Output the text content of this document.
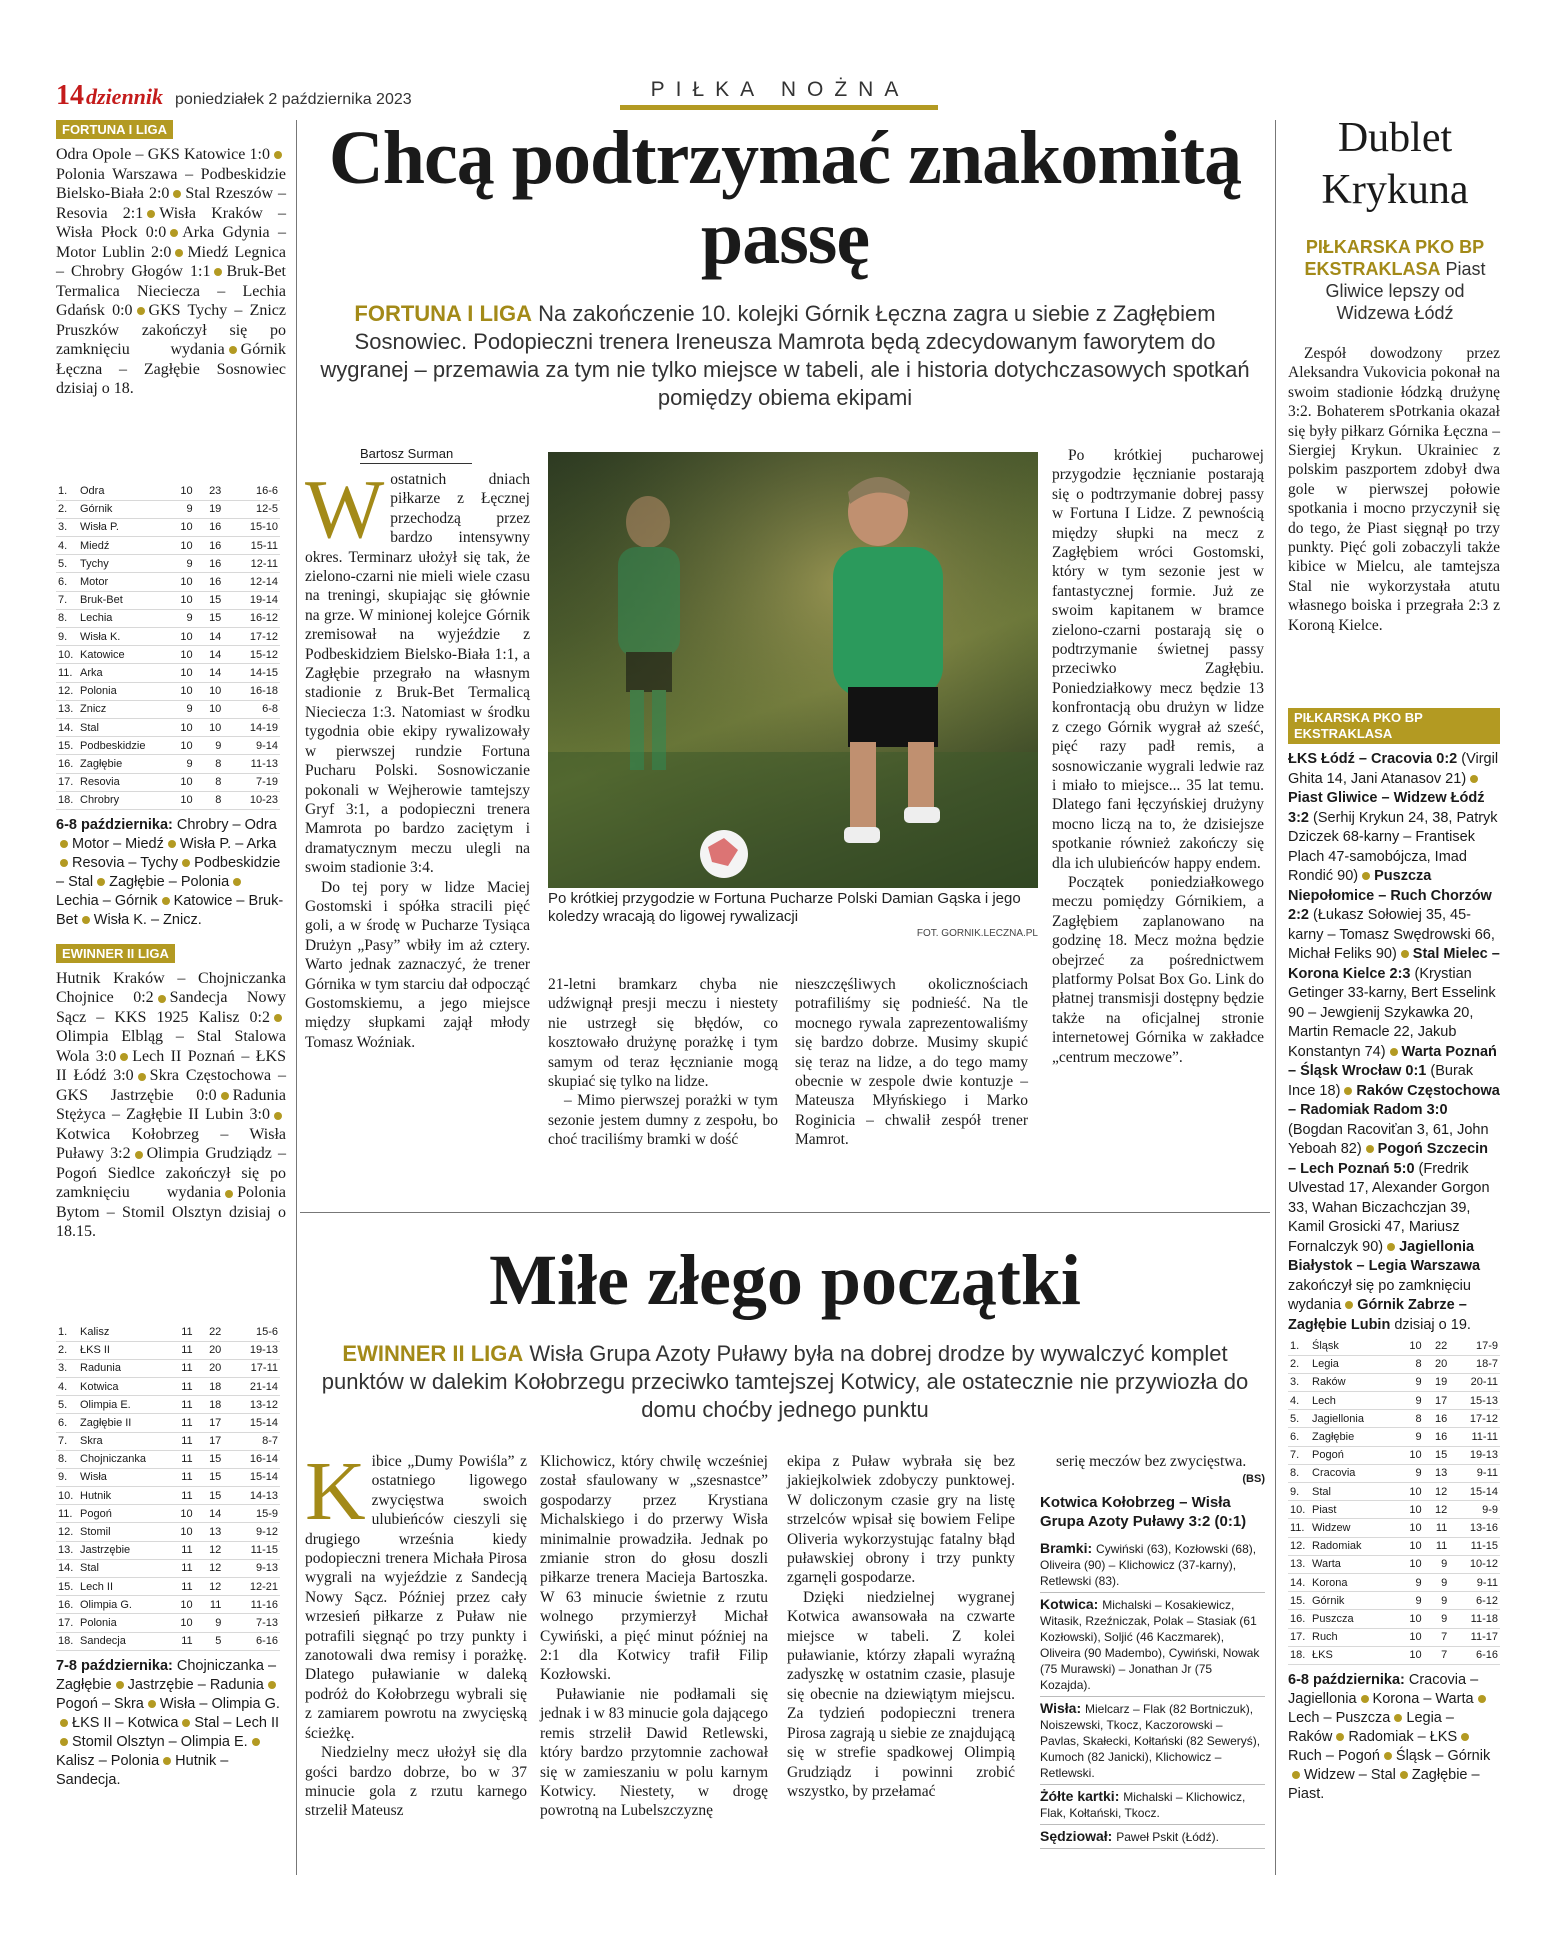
14 dziennik poniedziałek 2 października 2023	PIŁKA NOŻNA
FORTUNA I LIGA
Odra Opole – GKS Katowice 1:0Polonia Warszawa – Podbeskidzie Bielsko-Biała 2:0 Stal Rzeszów – Resovia 2:1 Wisła Kraków – Wisła Płock 0:0 Arka Gdynia – Motor Lublin 2:0 Miedź Legnica – Chrobry Głogów 1:1 Bruk-Bet Termalica Nieciecza – Lechia Gdańsk 0:0 GKS Tychy – Znicz Pruszków zakończył się po zamknięciu wydania Górnik Łęczna – Zagłębie Sosnowiec dzisiaj o 18.
1.	Odra	10	23	16-6
2.	Górnik	9	19	12-5
3.	Wisła P.	10	16	15-10
4.	Miedź	10	16	15-11
5.	Tychy	9	16	12-11
6.	Motor	10	16	12-14
7.	Bruk-Bet	10	15	19-14
8.	Lechia	9	15	16-12
9.	Wisła K.	10	14	17-12
10.	Katowice	10	14	15-12
11.	Arka	10	14	14-15
12.	Polonia	10	10	16-18
13.	Znicz	9	10	6-8
14.	Stal	10	10	14-19
15.	Podbeskidzie	10	9	9-14
16.	Zagłębie	9	8	11-13
17.	Resovia	10	8	7-19
18.	Chrobry	10	8	10-23
6-8 października: Chrobry – OdraMotor – Miedź Wisła P. – ArkaResovia – Tychy Podbeskidzie – Stal Zagłębie – PoloniaLechia – Górnik Katowice – Bruk-Bet Wisła K. – Znicz.
EWINNER II LIGA
Hutnik Kraków – Chojniczanka Chojnice 0:2 Sandecja Nowy Sącz – KKS 1925 Kalisz 0:2Olimpia Elbląg – Stal Stalowa Wola 3:0 Lech II Poznań – ŁKS II Łódź 3:0 Skra Częstochowa – GKS Jastrzębie 0:0 Radunia Stężyca – Zagłębie II Lubin 3:0Kotwica Kołobrzeg – Wisła Puławy 3:2 Olimpia Grudziądz – Pogoń Siedlce zakończył się po zamknięciu wydania Polonia Bytom – Stomil Olsztyn dzisiaj o 18.15.
1.	Kalisz	11	22	15-6
2.	ŁKS II	11	20	19-13
3.	Radunia	11	20	17-11
4.	Kotwica	11	18	21-14
5.	Olimpia E.	11	18	13-12
6.	Zagłębie II	11	17	15-14
7.	Skra	11	17	8-7
8.	Chojniczanka	11	15	16-14
9.	Wisła	11	15	15-14
10.	Hutnik	11	15	14-13
11.	Pogoń	10	14	15-9
12.	Stomil	10	13	9-12
13.	Jastrzębie	11	12	11-15
14.	Stal	11	12	9-13
15.	Lech II	11	12	12-21
16.	Olimpia G.	10	11	11-16
17.	Polonia	10	9	7-13
18.	Sandecja	11	5	6-16
7-8 października: Chojniczanka – Zagłębie Jastrzębie – RaduniaPogoń – Skra Wisła – Olimpia G.ŁKS II – Kotwica Stal – Lech IIStomil Olsztyn – Olimpia E.Kalisz – Polonia Hutnik – Sandecja.
Chcą podtrzymać znakomitą passę
FORTUNA I LIGA Na zakończenie 10. kolejki Górnik Łęczna zagra u siebie z Zagłębiem Sosnowiec. Podopieczni trenera Ireneusza Mamrota będą zdecydowanym faworytem do wygranej – przemawia za tym nie tylko miejsce w tabeli, ale i historia dotychczasowych spotkań pomiędzy obiema ekipami
Bartosz Surman
Wostatnich dniach piłkarze z Łęcznej przechodzą przez bardzo intensywny okres. Terminarz ułożył się tak, że zielono-czarni nie mieli wiele czasu na treningi, skupiając się głównie na grze. W minionej kolejce Górnik zremisował na wyjeździe z Podbeskidziem Bielsko-Biała 1:1, a Zagłębie przegrało na własnym stadionie z Bruk-Bet Termalicą Nieciecza 1:3. Natomiast w środku tygodnia obie ekipy rywalizowały w pierwszej rundzie Fortuna Pucharu Polski. Sosnowiczanie pokonali w Wejherowie tamtejszy Gryf 3:1, a podopieczni trenera Mamrota po bardzo zaciętym i dramatycznym meczu ulegli na swoim stadionie 3:4.

Do tej pory w lidze Maciej Gostomski i spółka stracili pięć goli, a w środę w Pucharze Tysiąca Drużyn „Pasy” wbiły im aż cztery. Warto jednak zaznaczyć, że trener Górnika w tym starciu dał odpocząć Gostomskiemu, a jego miejsce między słupkami zajął młody Tomasz Woźniak.

Po krótkiej przygodzie w Fortuna Pucharze Polski Damian Gąska i jego koledzy wracają do ligowej rywalizacji
FOT. GORNIK.LECZNA.PL

21-letni bramkarz chyba nie udźwignął presji meczu i niestety nie ustrzegł się błędów, co kosztowało drużynę porażkę i tym samym od teraz łęcznianie mogą skupiać się tylko na lidze.

– Mimo pierwszej porażki w tym sezonie jestem dumny z zespołu, bo choć traciliśmy bramki w dość

nieszczęśliwych okolicznościach potrafiliśmy się podnieść. Na tle mocnego rywala zaprezentowaliśmy się bardzo dobrze. Musimy skupić się teraz na lidze, a do tego mamy obecnie w zespole dwie kontuzje – Mateusza Młyńskiego i Marko Roginicia – chwalił zespół trener Mamrot.

Po krótkiej pucharowej przygodzie łęcznianie postarają się o podtrzymanie dobrej passy w Fortuna I Lidze. Z pewnością między słupki na mecz z Zagłębiem wróci Gostomski, który w tym sezonie jest w fantastycznej formie. Już ze swoim kapitanem w bramce zielono-czarni postarają się o podtrzymanie świetnej passy przeciwko Zagłębiu. Poniedziałkowy mecz będzie 13 konfrontacją obu drużyn w lidze z czego Górnik wygrał aż sześć, pięć razy padł remis, a sosnowiczanie wygrali ledwie raz i miało to miejsce... 35 lat temu. Dlatego fani łęczyńskiej drużyny mocno liczą na to, że dzisiejsze spotkanie również zakończy się dla ich ulubieńców happy endem.

Początek poniedziałkowego meczu pomiędzy Górnikiem, a Zagłębiem zaplanowano na godzinę 18. Mecz można będzie obejrzeć za pośrednictwem platformy Polsat Box Go. Link do płatnej transmisji dostępny będzie także na oficjalnej stronie internetowej Górnika w zakładce „centrum meczowe”.

Miłe złego początki
EWINNER II LIGA Wisła Grupa Azoty Puławy była na dobrej drodze by wywalczyć komplet punktów w dalekim Kołobrzegu przeciwko tamtejszej Kotwicy, ale ostatecznie nie przywiozła do domu choćby jednego punktu
Kibice „Dumy Powiśla” z ostatniego ligowego zwycięstwa swoich ulubieńców cieszyli się drugiego września kiedy podopieczni trenera Michała Pirosa wygrali na wyjeździe z Sandecją Nowy Sącz. Później przez cały wrzesień piłkarze z Puław nie potrafili sięgnąć po trzy punkty i zanotowali dwa remisy i porażkę. Dlatego puławianie w daleką podróż do Kołobrzegu wybrali się z zamiarem powrotu na zwycięską ścieżkę.

Niedzielny mecz ułożył się dla gości bardzo dobrze, bo w 37 minucie gola z rzutu karnego strzelił Mateusz

Klichowicz, który chwilę wcześniej został sfaulowany w „szesnastce” gospodarzy przez Krystiana Michalskiego i do przerwy Wisła minimalnie prowadziła. Jednak po zmianie stron do głosu doszli piłkarze trenera Macieja Bartoszka. W 63 minucie świetnie z rzutu wolnego przymierzył Michał Cywiński, a pięć minut później na 2:1 dla Kotwicy trafił Filip Kozłowski.

Puławianie nie podłamali się jednak i w 83 minucie gola dającego remis strzelił Dawid Retlewski, który bardzo przytomnie zachował się w zamieszaniu w polu karnym Kotwicy. Niestety, w drogę powrotną na Lubelszczyznę

ekipa z Puław wybrała się bez jakiejkolwiek zdobyczy punktowej. W doliczonym czasie gry na listę strzelców wpisał się bowiem Felipe Oliveria wykorzystując fatalny błąd puławskiej obrony i trzy punkty zgarnęli gospodarze.

Dzięki niedzielnej wygranej Kotwica awansowała na czwarte miejsce w tabeli. Z kolei puławianie, którzy złapali wyraźną zadyszkę w ostatnim czasie, plasuje się obecnie na dziewiątym miejscu. Za tydzień podopieczni trenera Pirosa zagrają u siebie ze znajdującą się w strefie spadkowej Olimpią Grudziądz i powinni zrobić wszystko, by przełamać

serię meczów bez zwycięstwa.

(BS)
Kotwica Kołobrzeg – Wisła Grupa Azoty Puławy 3:2 (0:1)
Bramki: Cywiński (63), Kozłowski (68), Oliveira (90) – Klichowicz (37-karny), Retlewski (83).
Kotwica: Michalski – Kosakiewicz, Witasik, Rzeźniczak, Polak – Stasiak (61 Kozłowski), Soljić (46 Kaczmarek), Oliveira (90 Madembo), Cywiński, Nowak (75 Murawski) – Jonathan Jr (75 Kozajda).
Wisła: Mielcarz – Flak (82 Bortniczuk), Noiszewski, Tkocz, Kaczorowski – Pavlas, Skałecki, Kołtański (82 Seweryś), Kumoch (82 Janicki), Klichowicz – Retlewski.
Żółte kartki: Michalski – Klichowicz, Flak, Kołtański, Tkocz.
Sędziował: Paweł Pskit (Łódź).
Dublet Krykuna
PIŁKARSKA PKO BP EKSTRAKLASA Piast Gliwice lepszy od Widzewa Łódź
Zespół dowodzony przez Aleksandra Vukovicia pokonał na swoim stadionie łódzką drużynę 3:2. Bohaterem sPotrkania okazał się były piłkarz Górnika Łęczna – Siergiej Krykun. Ukrainiec z polskim paszportem zdobył dwa gole w pierwszej połowie spotkania i mocno przyczynił się do tego, że Piast sięgnął po trzy punkty. Pięć goli zobaczyli także kibice w Mielcu, ale tamtejsza Stal nie wykorzystała atutu własnego boiska i przegrała 2:3 z Koroną Kielce.
PIŁKARSKA PKO BP EKSTRAKLASA
ŁKS Łódź – Cracovia 0:2 (Virgil Ghita 14, Jani Atanasov 21)Piast Gliwice – Widzew Łódź 3:2 (Serhij Krykun 24, 38, Patryk Dziczek 68-karny – Frantisek Plach 47-samobójcza, Imad Rondić 90) Puszcza Niepołomice – Ruch Chorzów 2:2 (Łukasz Sołowiej 35, 45-karny – Tomasz Swędrowski 66, Michał Feliks 90) Stal Mielec – Korona Kielce 2:3 (Krystian Getinger 33-karny, Bert Esselink 90 – Jewgienij Szykawka 20, Martin Remacle 22, Jakub Konstantyn 74) Warta Poznań – Śląsk Wrocław 0:1 (Burak Ince 18) Raków Częstochowa – Radomiak Radom 3:0 (Bogdan Racoviťan 3, 61, John Yeboah 82) Pogoń Szczecin – Lech Poznań 5:0 (Fredrik Ulvestad 17, Alexander Gorgon 33, Wahan Biczachczjan 39, Kamil Grosicki 47, Mariusz Fornalczyk 90) Jagiellonia Białystok – Legia Warszawa zakończył się po zamknięciu wydania Górnik Zabrze – Zagłębie Lubin dzisiaj o 19.
1.	Śląsk	10	22	17-9
2.	Legia	8	20	18-7
3.	Raków	9	19	20-11
4.	Lech	9	17	15-13
5.	Jagiellonia	8	16	17-12
6.	Zagłębie	9	16	11-11
7.	Pogoń	10	15	19-13
8.	Cracovia	9	13	9-11
9.	Stal	10	12	15-14
10.	Piast	10	12	9-9
11.	Widzew	10	11	13-16
12.	Radomiak	10	11	11-15
13.	Warta	10	9	10-12
14.	Korona	9	9	9-11
15.	Górnik	9	9	6-12
16.	Puszcza	10	9	11-18
17.	Ruch	10	7	11-17
18.	ŁKS	10	7	6-16
6-8 października: Cracovia – Jagiellonia Korona – WartaLech – Puszcza Legia – Raków Radomiak – ŁKSRuch – Pogoń Śląsk – GórnikWidzew – Stal Zagłębie – Piast.
